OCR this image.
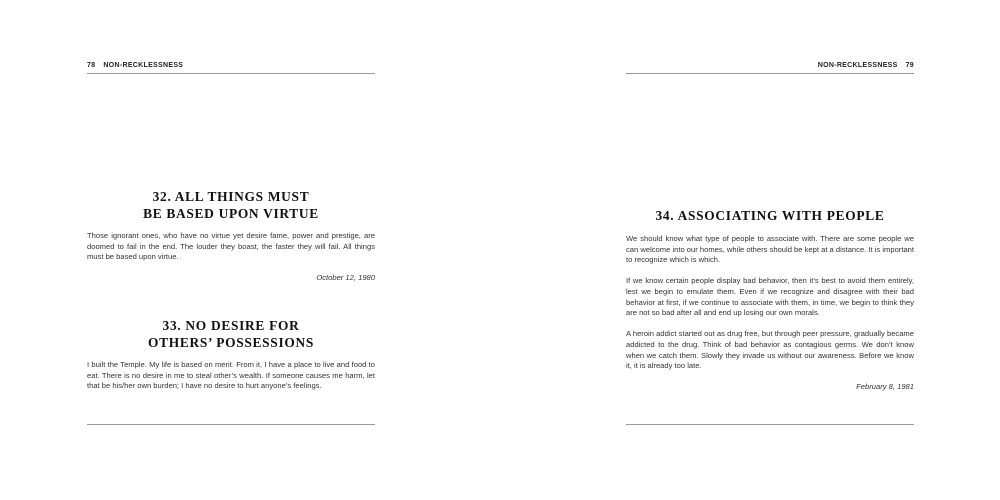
78 NON-RECKLESSNESS
32. ALL THINGS MUST
BE BASED UPON VIRTUE

Those ignorant ones, who have no virtue yet desire fame, power and prestige, are doomed to fail in the end. The louder they boast, the faster they will fail. All things must be based upon virtue.

October 12, 1980
33. NO DESIRE FOR
OTHERS’ POSSESSIONS

I built the Temple. My life is based on merit. From it, I have a place to live and food to eat. There is no desire in me to steal other’s wealth. If someone causes me harm, let that be his/her own burden; I have no desire to hurt anyone’s feelings.

NON-RECKLESSNESS 79
34. ASSOCIATING WITH PEOPLE

We should know what type of people to associate with. There are some people we can welcome into our homes, while others should be kept at a distance. It is important to recognize which is which.

If we know certain people display bad behavior, then it’s best to avoid them entirely, lest we begin to emulate them. Even if we recognize and disagree with their bad behavior at first, if we continue to associate with them, in time, we begin to think they are not so bad after all and end up losing our own morals.

A heroin addict started out as drug free, but through peer pressure, gradually became addicted to the drug. Think of bad behavior as contagious germs. We don’t know when we catch them. Slowly they invade us without our awareness. Before we know it, it is already too late.

February 8, 1981
